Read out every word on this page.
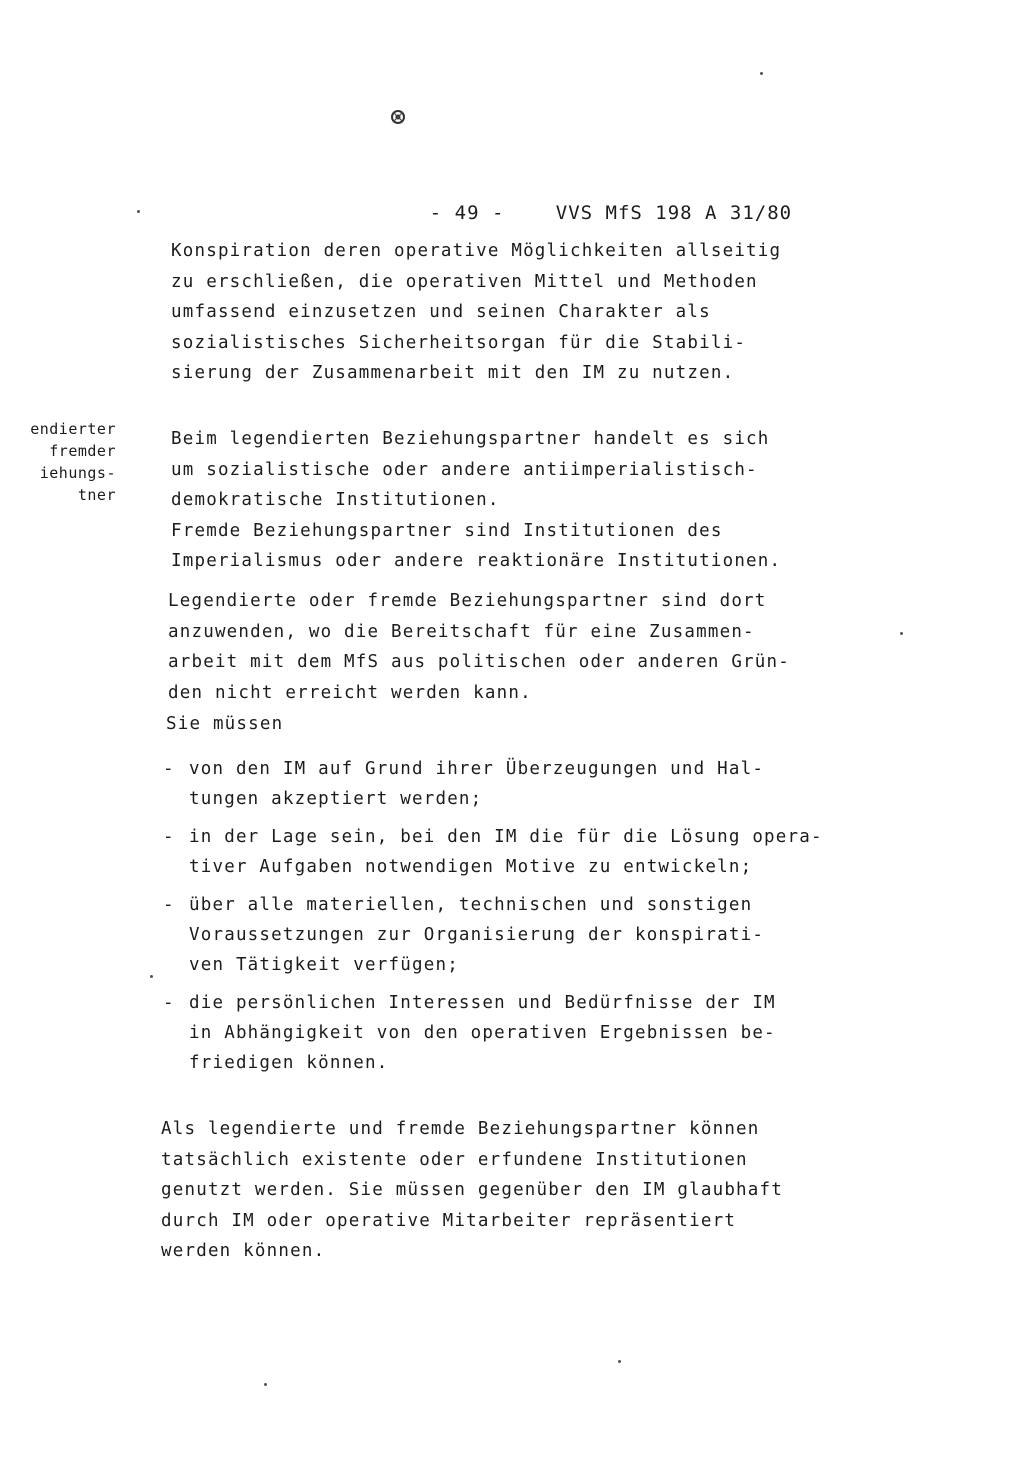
- 49 -	VVS MfS 198 A 31/80

endierter
fremder
iehungs-
tner
Konspiration deren operative Möglichkeiten allseitig
zu erschließen, die operativen Mittel und Methoden
umfassend einzusetzen und seinen Charakter als
sozialistisches Sicherheitsorgan für die Stabili-
sierung der Zusammenarbeit mit den IM zu nutzen.
Beim legendierten Beziehungspartner handelt es sich
um sozialistische oder andere antiimperialistisch-
demokratische Institutionen.
Fremde Beziehungspartner sind Institutionen des
Imperialismus oder andere reaktionäre Institutionen.
Legendierte oder fremde Beziehungspartner sind dort
anzuwenden, wo die Bereitschaft für eine Zusammen-
arbeit mit dem MfS aus politischen oder anderen Grün-
den nicht erreicht werden kann.
Sie müssen
- von den IM auf Grund ihrer Überzeugungen und Hal-
tungen akzeptiert werden;
- in der Lage sein, bei den IM die für die Lösung opera-
tiver Aufgaben notwendigen Motive zu entwickeln;
- über alle materiellen, technischen und sonstigen
Voraussetzungen zur Organisierung der konspirati-
ven Tätigkeit verfügen;
- die persönlichen Interessen und Bedürfnisse der IM
in Abhängigkeit von den operativen Ergebnissen be-
friedigen können.
Als legendierte und fremde Beziehungspartner können
tatsächlich existente oder erfundene Institutionen
genutzt werden. Sie müssen gegenüber den IM glaubhaft
durch IM oder operative Mitarbeiter repräsentiert
werden können.
